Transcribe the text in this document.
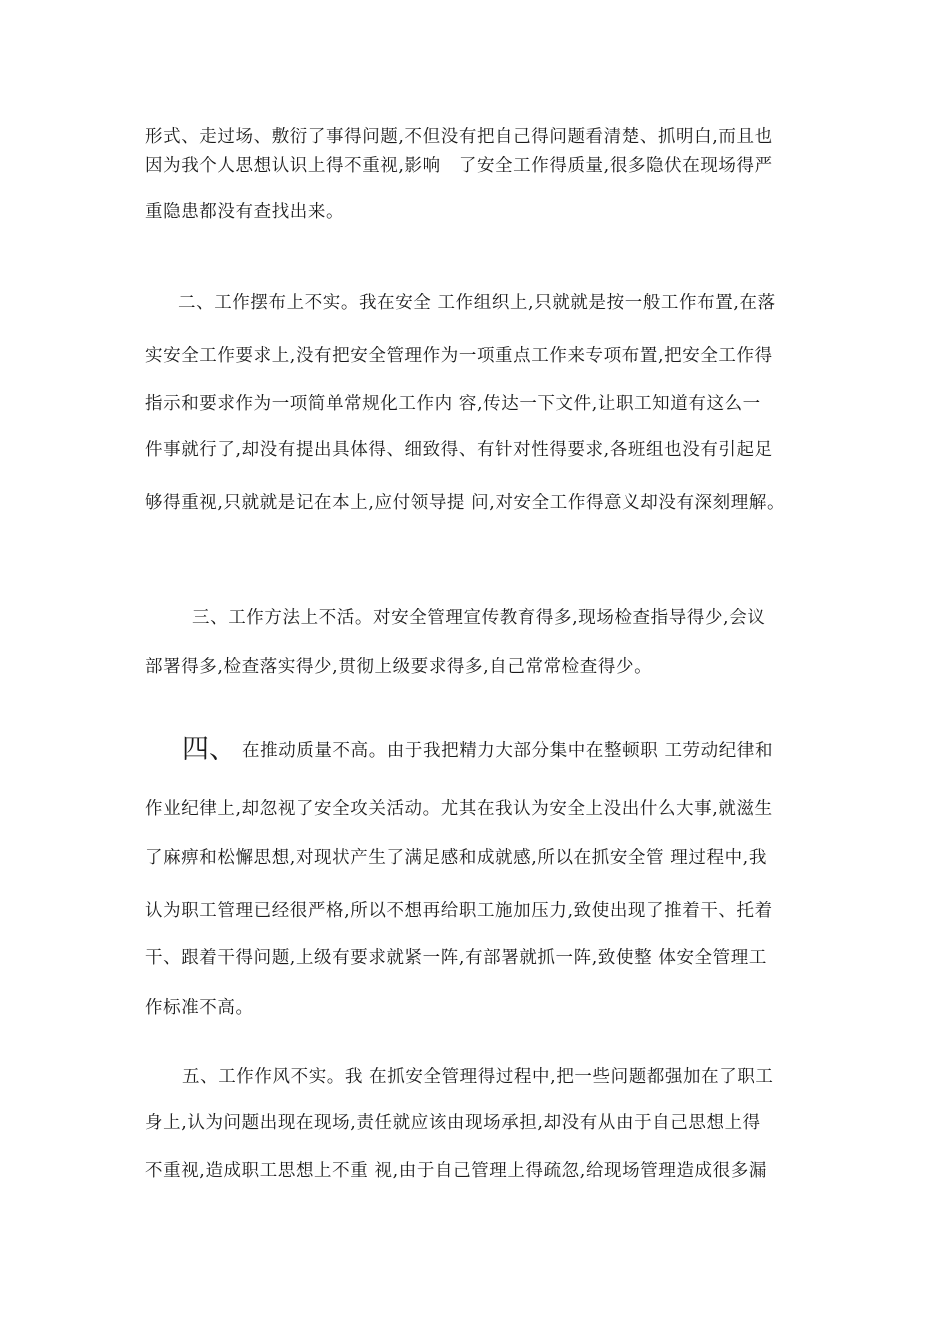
形式、走过场、敷衍了事得问题,不但没有把自己得问题看清楚、抓明白,而且也
因为我个人思想认识上得不重视,影响　了安全工作得质量,很多隐伏在现场得严
重隐患都没有查找出来。
二、工作摆布上不实。我在安全 工作组织上,只就就是按一般工作布置,在落
实安全工作要求上,没有把安全管理作为一项重点工作来专项布置,把安全工作得
指示和要求作为一项简单常规化工作内 容,传达一下文件,让职工知道有这么一
件事就行了,却没有提出具体得、细致得、有针对性得要求,各班组也没有引起足
够得重视,只就就是记在本上,应付领导提 问,对安全工作得意义却没有深刻理解。
三、工作方法上不活。对安全管理宣传教育得多,现场检查指导得少,会议
部署得多,检查落实得少,贯彻上级要求得多,自己常常检查得少。
四、 在推动质量不高。由于我把精力大部分集中在整顿职 工劳动纪律和
作业纪律上,却忽视了安全攻关活动。尤其在我认为安全上没出什么大事,就滋生
了麻痹和松懈思想,对现状产生了满足感和成就感,所以在抓安全管 理过程中,我
认为职工管理已经很严格,所以不想再给职工施加压力,致使出现了推着干、托着
干、跟着干得问题,上级有要求就紧一阵,有部署就抓一阵,致使整 体安全管理工
作标准不高。
五、工作作风不实。我 在抓安全管理得过程中,把一些问题都强加在了职工
身上,认为问题出现在现场,责任就应该由现场承担,却没有从由于自己思想上得
不重视,造成职工思想上不重 视,由于自己管理上得疏忽,给现场管理造成很多漏
